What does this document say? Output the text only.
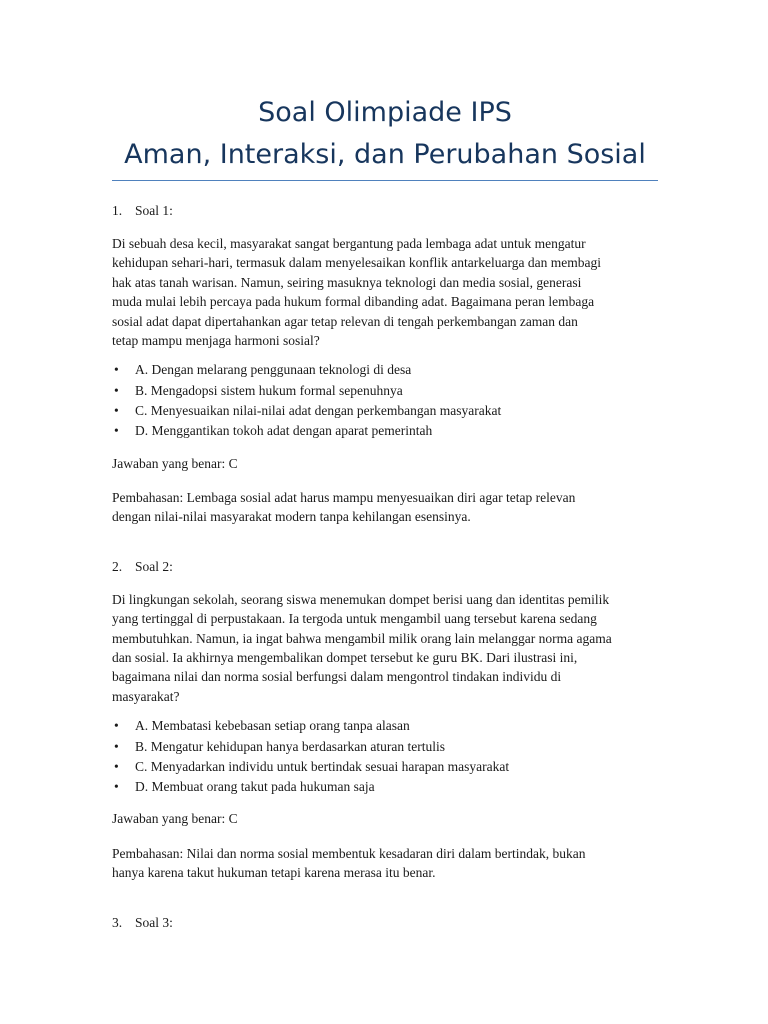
Soal Olimpiade IPS
Aman, Interaksi, dan Perubahan Sosial
1. Soal 1:

Di sebuah desa kecil, masyarakat sangat bergantung pada lembaga adat untuk mengatur
kehidupan sehari-hari, termasuk dalam menyelesaikan konflik antarkeluarga dan membagi
hak atas tanah warisan. Namun, seiring masuknya teknologi dan media sosial, generasi
muda mulai lebih percaya pada hukum formal dibanding adat. Bagaimana peran lembaga
sosial adat dapat dipertahankan agar tetap relevan di tengah perkembangan zaman dan
tetap mampu menjaga harmoni sosial?

• A. Dengan melarang penggunaan teknologi di desa
• B. Mengadopsi sistem hukum formal sepenuhnya
• C. Menyesuaikan nilai-nilai adat dengan perkembangan masyarakat
• D. Menggantikan tokoh adat dengan aparat pemerintah

Jawaban yang benar: C

Pembahasan: Lembaga sosial adat harus mampu menyesuaikan diri agar tetap relevan
dengan nilai-nilai masyarakat modern tanpa kehilangan esensinya.

2. Soal 2:

Di lingkungan sekolah, seorang siswa menemukan dompet berisi uang dan identitas pemilik
yang tertinggal di perpustakaan. Ia tergoda untuk mengambil uang tersebut karena sedang
membutuhkan. Namun, ia ingat bahwa mengambil milik orang lain melanggar norma agama
dan sosial. Ia akhirnya mengembalikan dompet tersebut ke guru BK. Dari ilustrasi ini,
bagaimana nilai dan norma sosial berfungsi dalam mengontrol tindakan individu di
masyarakat?

• A. Membatasi kebebasan setiap orang tanpa alasan
• B. Mengatur kehidupan hanya berdasarkan aturan tertulis
• C. Menyadarkan individu untuk bertindak sesuai harapan masyarakat
• D. Membuat orang takut pada hukuman saja

Jawaban yang benar: C

Pembahasan: Nilai dan norma sosial membentuk kesadaran diri dalam bertindak, bukan
hanya karena takut hukuman tetapi karena merasa itu benar.

3. Soal 3:
